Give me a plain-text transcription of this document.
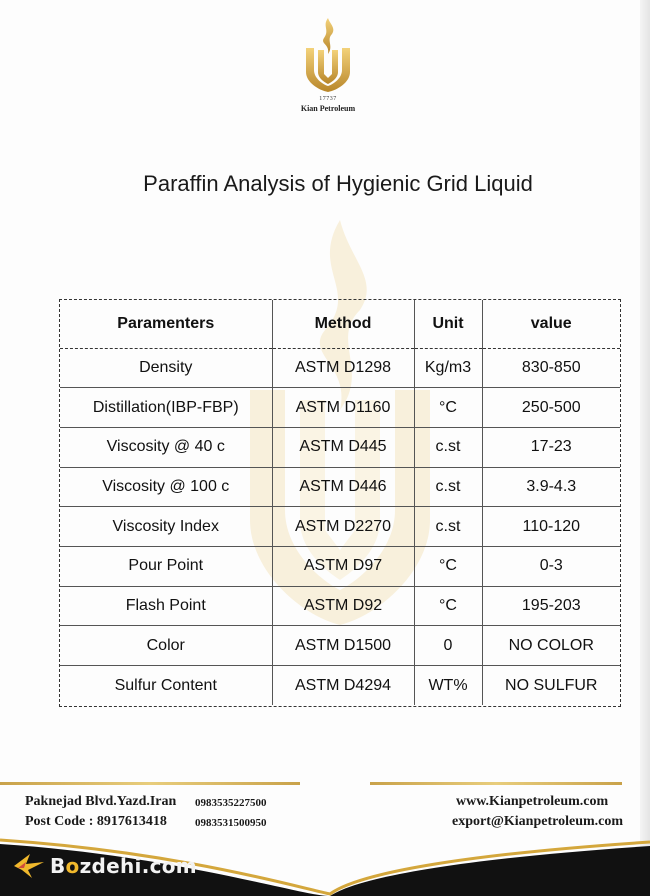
17737
Kian Petroleum
Paraffin Analysis of Hygienic Grid Liquid
Paramenters	Method	Unit	value
Density	ASTM D1298	Kg/m3	830-850
Distillation(IBP-FBP)	ASTM D1160	°C	250-500
Viscosity @ 40 c	ASTM D445	c.st	17-23
Viscosity @ 100 c	ASTM D446	c.st	3.9-4.3
Viscosity Index	ASTM D2270	c.st	110-120
Pour Point	ASTM D97	°C	0-3
Flash Point	ASTM D92	°C	195-203
Color	ASTM D1500	0	NO COLOR
Sulfur Content	ASTM D4294	WT%	NO SULFUR
Paknejad Blvd.Yazd.Iran 0983535227500
Post Code : 8917613418	0983531500950
www.Kianpetroleum.com
export@Kianpetroleum.com
Bozdehi.com
